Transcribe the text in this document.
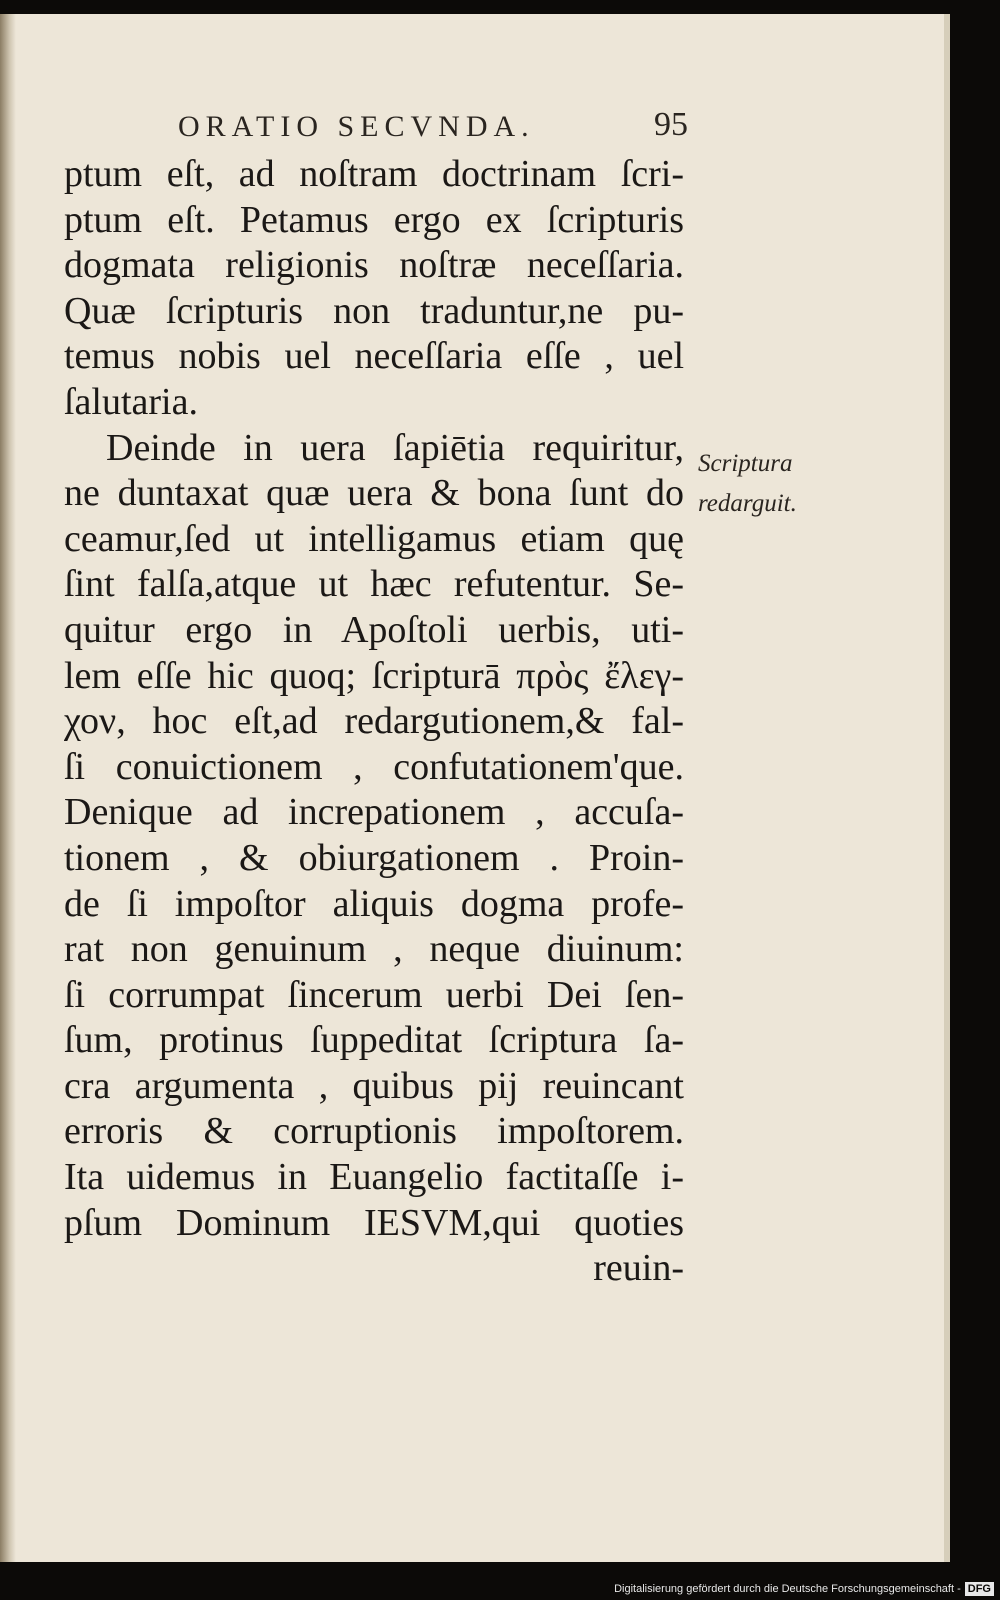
ORATIO SECVNDA.	95
ptum eſt, ad noſtram doctrinam ſcri-
ptum eſt. Petamus ergo ex ſcripturis
dogmata religionis noſtræ neceſſaria.
Quæ ſcripturis non traduntur,ne pu-
temus nobis uel neceſſaria eſſe , uel
ſalutaria.
Deinde in uera ſapiētia requiritur,
ne duntaxat quæ uera & bona ſunt do
ceamur,ſed ut intelligamus etiam quę
ſint falſa,atque ut hæc refutentur. Se-
quitur ergo in Apoſtoli uerbis, uti-
lem eſſe hic quoq; ſcripturā πρὸς ἔλεγ-
χον, hoc eſt,ad redargutionem,& fal-
ſi conuictionem , confutationem'que.
Denique ad increpationem , accuſa-
tionem , & obiurgationem . Proin-
de ſi impoſtor aliquis dogma profe-
rat non genuinum , neque diuinum:
ſi corrumpat ſincerum uerbi Dei ſen-
ſum, protinus ſuppeditat ſcriptura ſa-
cra argumenta , quibus pij reuincant
erroris & corruptionis impoſtorem.
Ita uidemus in Euangelio factitaſſe i-
pſum Dominum IESVM,qui quoties
reuin-
Scriptura
redarguit.
Digitalisierung gefördert durch die Deutsche Forschungsgemeinschaft - DFG
